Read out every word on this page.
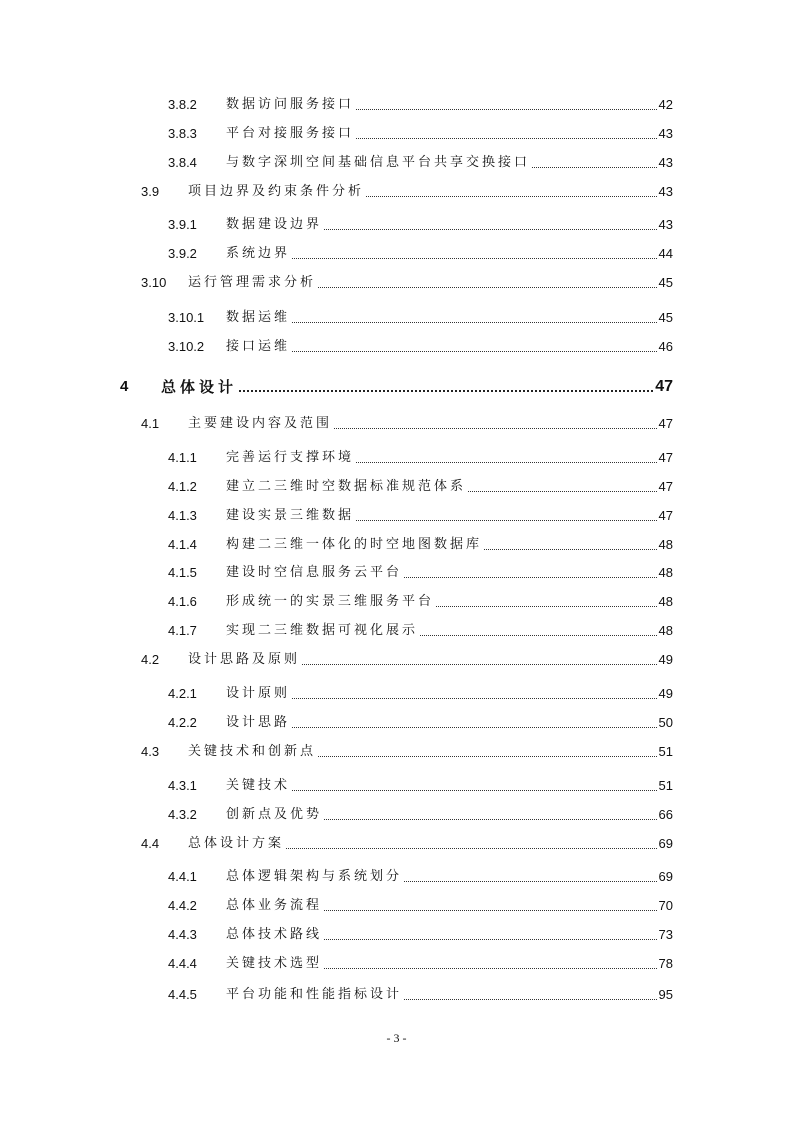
3.8.2	数据访问服务接口	42
3.8.3	平台对接服务接口	43
3.8.4	与数字深圳空间基础信息平台共享交换接口	43
3.9	项目边界及约束条件分析	43
3.9.1	数据建设边界	43
3.9.2	系统边界	44
3.10	运行管理需求分析	45
3.10.1	数据运维	45
3.10.2	接口运维	46
4	总体设计	47
4.1	主要建设内容及范围	47
4.1.1	完善运行支撑环境	47
4.1.2	建立二三维时空数据标准规范体系	47
4.1.3	建设实景三维数据	47
4.1.4	构建二三维一体化的时空地图数据库	48
4.1.5	建设时空信息服务云平台	48
4.1.6	形成统一的实景三维服务平台	48
4.1.7	实现二三维数据可视化展示	48
4.2	设计思路及原则	49
4.2.1	设计原则	49
4.2.2	设计思路	50
4.3	关键技术和创新点	51
4.3.1	关键技术	51
4.3.2	创新点及优势	66
4.4	总体设计方案	69
4.4.1	总体逻辑架构与系统划分	69
4.4.2	总体业务流程	70
4.4.3	总体技术路线	73
4.4.4	关键技术选型	78
4.4.5	平台功能和性能指标设计	95
- 3 -
